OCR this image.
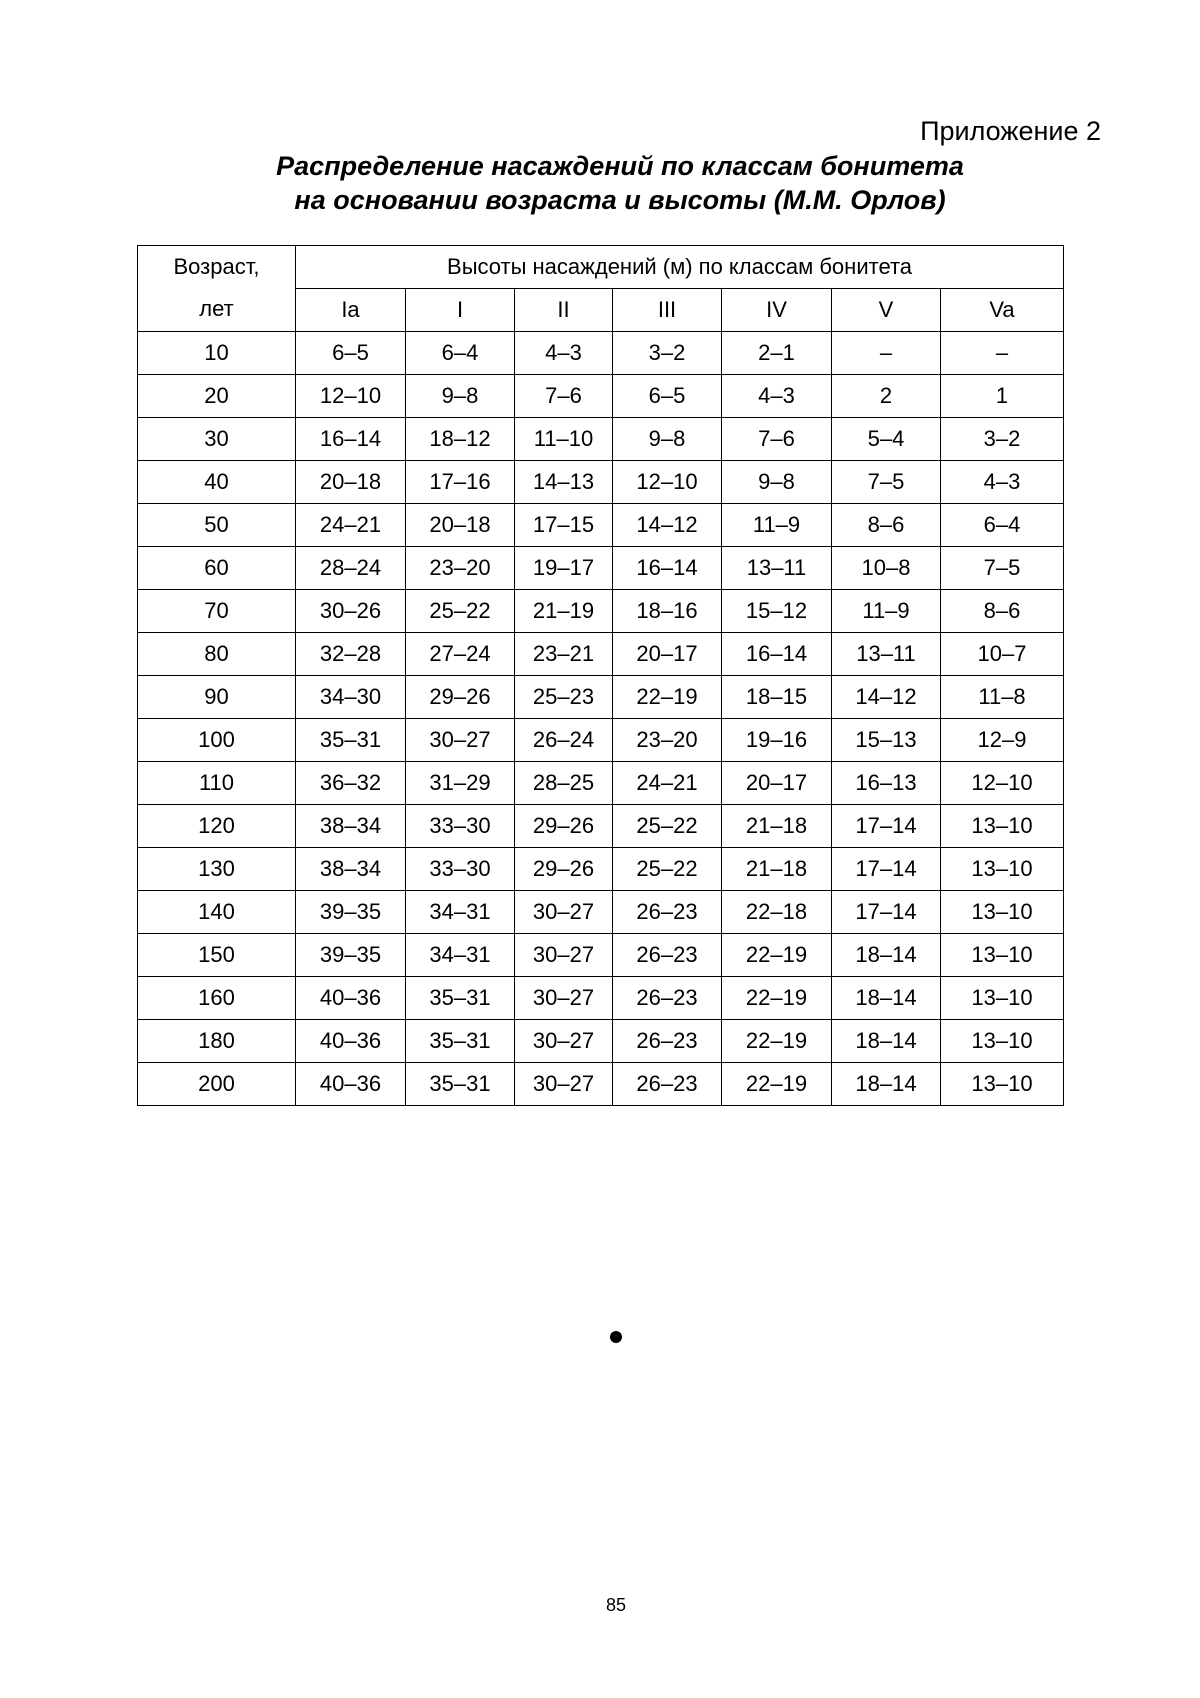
Приложение 2

Распределение насаждений по классам бонитета

на основании возраста и высоты (М.М. Орлов)

Возраст,
лет	Высоты насаждений (м) по классам бонитета						
	Ia	I	II	III	IV	V	Va
10	6–5	6–4	4–3	3–2	2–1	–	–
20	12–10	9–8	7–6	6–5	4–3	2	1
30	16–14	18–12	11–10	9–8	7–6	5–4	3–2
40	20–18	17–16	14–13	12–10	9–8	7–5	4–3
50	24–21	20–18	17–15	14–12	11–9	8–6	6–4
60	28–24	23–20	19–17	16–14	13–11	10–8	7–5
70	30–26	25–22	21–19	18–16	15–12	11–9	8–6
80	32–28	27–24	23–21	20–17	16–14	13–11	10–7
90	34–30	29–26	25–23	22–19	18–15	14–12	11–8
100	35–31	30–27	26–24	23–20	19–16	15–13	12–9
110	36–32	31–29	28–25	24–21	20–17	16–13	12–10
120	38–34	33–30	29–26	25–22	21–18	17–14	13–10
130	38–34	33–30	29–26	25–22	21–18	17–14	13–10
140	39–35	34–31	30–27	26–23	22–18	17–14	13–10
150	39–35	34–31	30–27	26–23	22–19	18–14	13–10
160	40–36	35–31	30–27	26–23	22–19	18–14	13–10
180	40–36	35–31	30–27	26–23	22–19	18–14	13–10
200	40–36	35–31	30–27	26–23	22–19	18–14	13–10

85
